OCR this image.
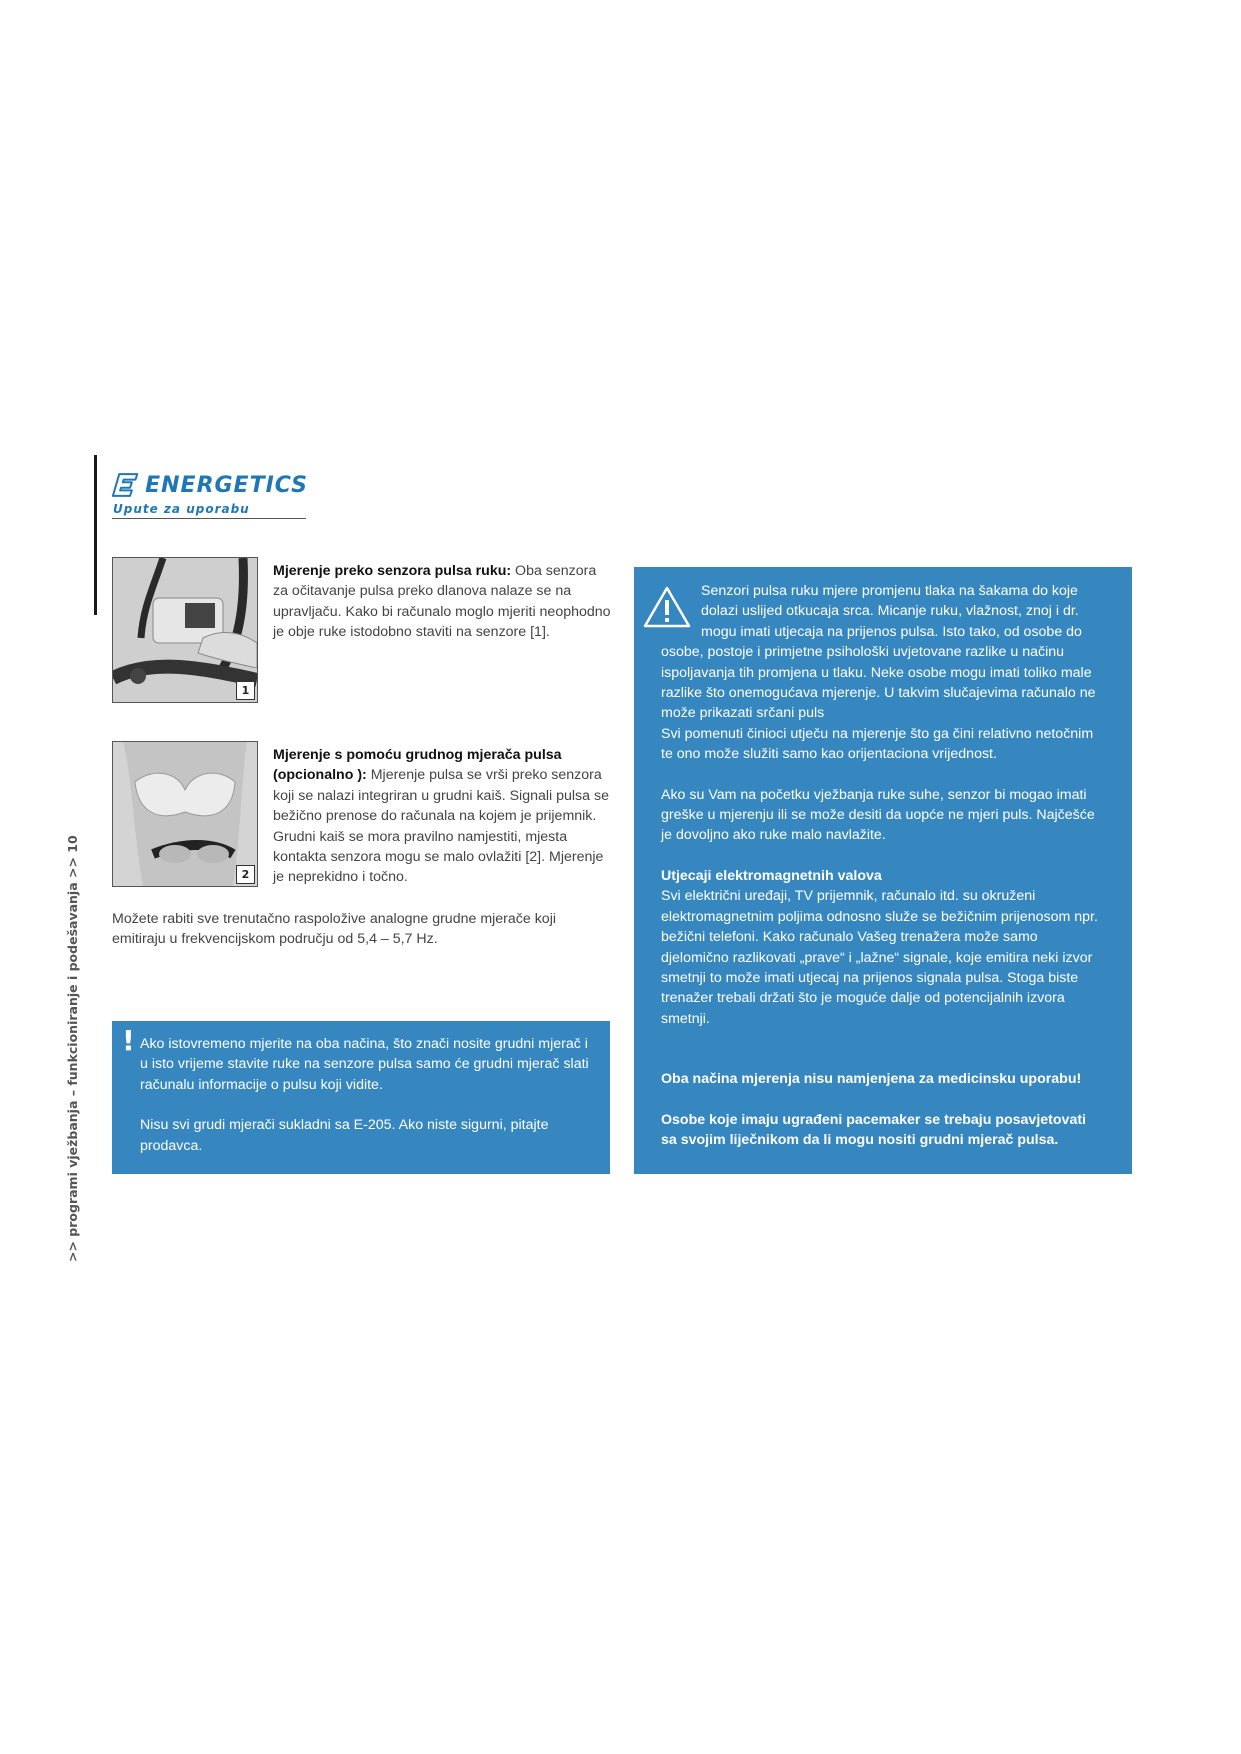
ENERGETICS
Upute za uporabu
>> programi vježbanja – funkcioniranje i podešavanja >> 10
1

Mjerenje preko senzora pulsa ruku: Oba senzora za očitavanje pulsa preko dlanova nalaze se na upravljaču. Kako bi računalo moglo mjeriti neophodno je obje ruke istodobno staviti na senzore [1].

2

Mjerenje s pomoću grudnog mjerača pulsa (opcionalno ): Mjerenje pulsa se vrši preko senzora koji se nalazi integriran u grudni kaiš. Signali pulsa se bežično prenose do računala na kojem je prijemnik. Grudni kaiš se mora pravilno namjestiti, mjesta kontakta senzora mogu se malo ovlažiti [2]. Mjerenje je neprekidno i točno.

Možete rabiti sve trenutačno raspoložive analogne grudne mjerače koji emitiraju u frekvencijskom području od 5,4 – 5,7 Hz.

! Ako istovremeno mjerite na oba načina, što znači nosite grudni mjerač i u isto vrijeme stavite ruke na senzore pulsa samo će grudni mjerač slati računalu informacije o pulsu koji vidite.

Nisu svi grudi mjerači sukladni sa E-205. Ako niste sigurni, pitajte prodavca.

Senzori pulsa ruku mjere promjenu tlaka na šakama do koje dolazi uslijed otkucaja srca. Micanje ruku, vlažnost, znoj i dr. mogu imati utjecaja na prijenos pulsa. Isto tako, od osobe do osobe, postoje i primjetne psihološki uvjetovane razlike u načinu ispoljavanja tih promjena u tlaku. Neke osobe mogu imati toliko male razlike što onemogućava mjerenje. U takvim slučajevima računalo ne može prikazati srčani puls

Svi pomenuti činioci utječu na mjerenje što ga čini relativno netočnim te ono može služiti samo kao orijentaciona vrijednost.

Ako su Vam na početku vježbanja ruke suhe, senzor bi mogao imati greške u mjerenju ili se može desiti da uopće ne mjeri puls. Najčešće je dovoljno ako ruke malo navlažite.

Utjecaji elektromagnetnih valova

Svi električni uređaji, TV prijemnik, računalo itd. su okruženi elektromagnetnim poljima odnosno služe se bežičnim prijenosom npr. bežični telefoni. Kako računalo Vašeg trenažera može samo djelomično razlikovati „prave“ i „lažne“ signale, koje emitira neki izvor smetnji to može imati utjecaj na prijenos signala pulsa. Stoga biste trenažer trebali držati što je moguće dalje od potencijalnih izvora smetnji.

Oba načina mjerenja nisu namjenjena za medicinsku uporabu!

Osobe koje imaju ugrađeni pacemaker se trebaju posavjetovati sa svojim liječnikom da li mogu nositi grudni mjerač pulsa.
